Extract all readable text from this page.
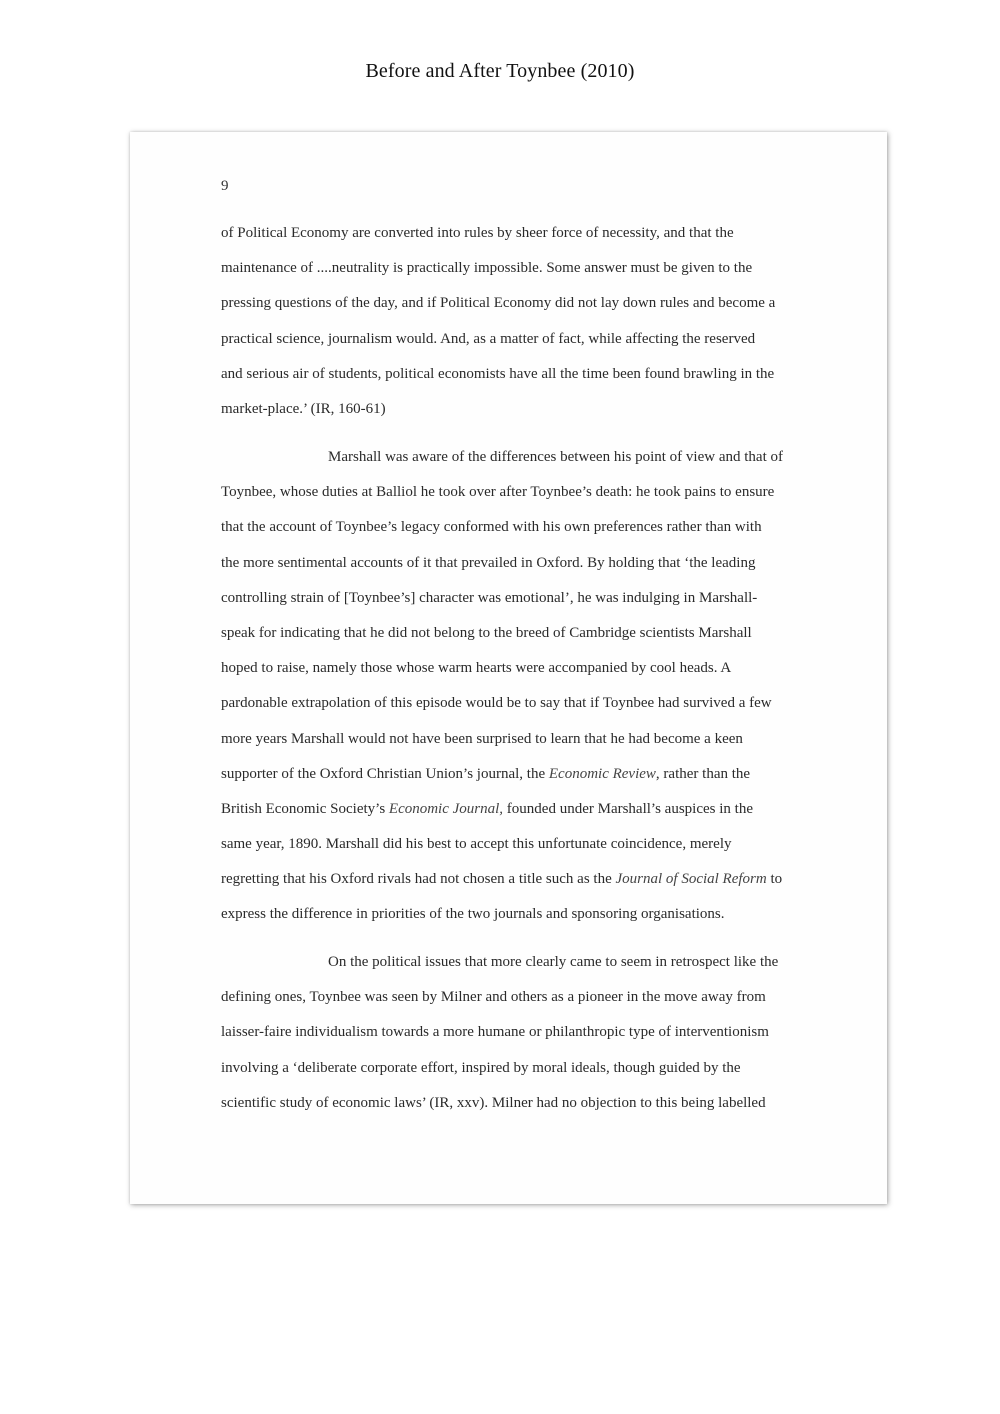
Before and After Toynbee (2010)
9
of Political Economy are converted into rules by sheer force of necessity, and that the
maintenance of ....neutrality is practically impossible. Some answer must be given to the
pressing questions of the day, and if Political Economy did not lay down rules and become a
practical science, journalism would. And, as a matter of fact, while affecting the reserved
and serious air of students, political economists have all the time been found brawling in the
market-place.’ (IR, 160-61)
Marshall was aware of the differences between his point of view and that of
Toynbee, whose duties at Balliol he took over after Toynbee’s death: he took pains to ensure
that the account of Toynbee’s legacy conformed with his own preferences rather than with
the more sentimental accounts of it that prevailed in Oxford. By holding that ‘the leading
controlling strain of [Toynbee’s] character was emotional’, he was indulging in Marshall-
speak for indicating that he did not belong to the breed of Cambridge scientists Marshall
hoped to raise, namely those whose warm hearts were accompanied by cool heads. A
pardonable extrapolation of this episode would be to say that if Toynbee had survived a few
more years Marshall would not have been surprised to learn that he had become a keen
supporter of the Oxford Christian Union’s journal, the Economic Review, rather than the
British Economic Society’s Economic Journal, founded under Marshall’s auspices in the
same year, 1890. Marshall did his best to accept this unfortunate coincidence, merely
regretting that his Oxford rivals had not chosen a title such as the Journal of Social Reform to
express the difference in priorities of the two journals and sponsoring organisations.
On the political issues that more clearly came to seem in retrospect like the
defining ones, Toynbee was seen by Milner and others as a pioneer in the move away from
laisser-faire individualism towards a more humane or philanthropic type of interventionism
involving a ‘deliberate corporate effort, inspired by moral ideals, though guided by the
scientific study of economic laws’ (IR, xxv). Milner had no objection to this being labelled
